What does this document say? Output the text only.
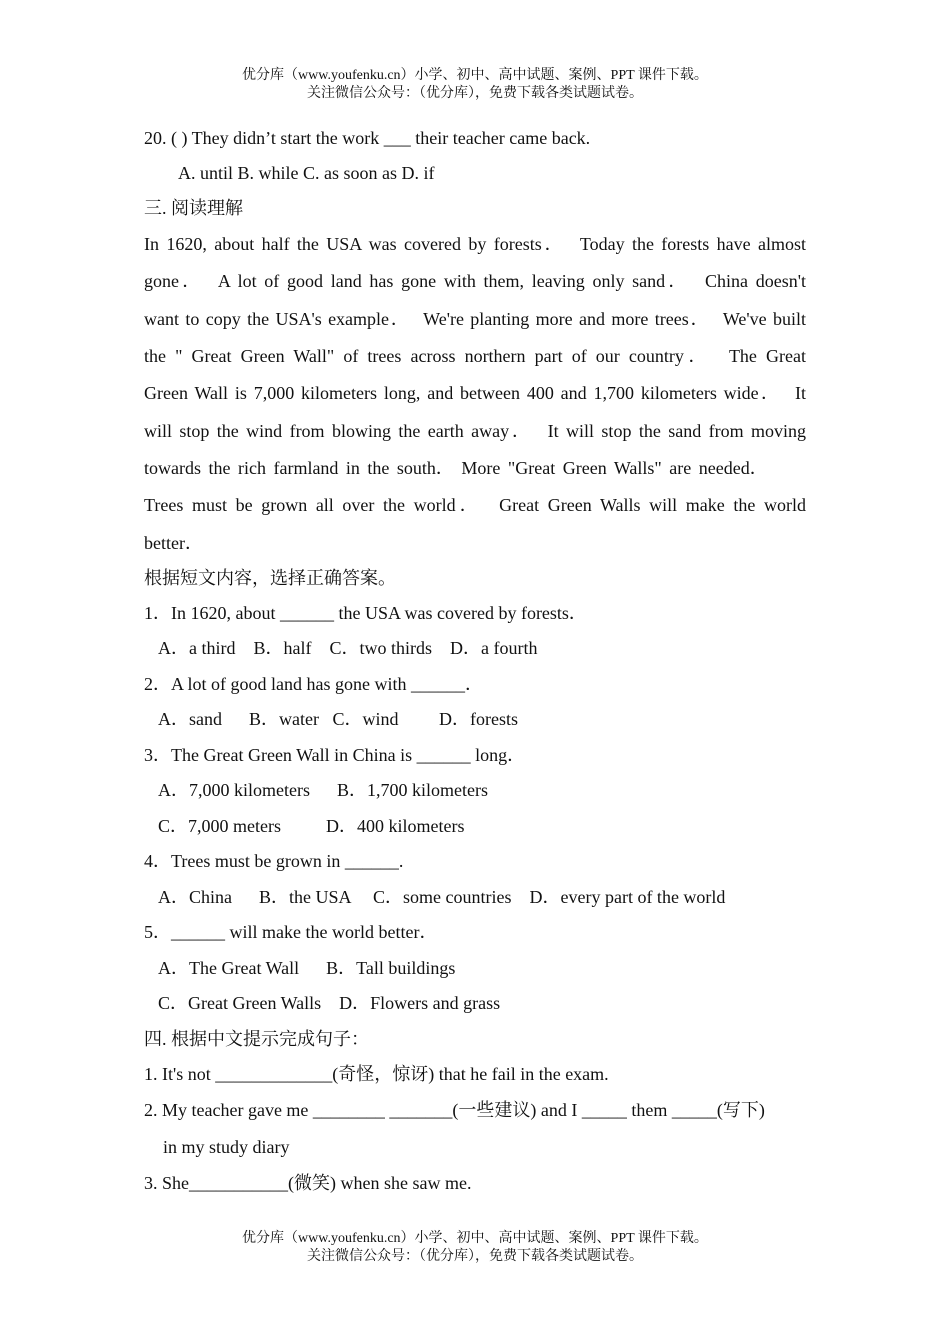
优分库（www.youfenku.cn）小学、初中、高中试题、案例、PPT 课件下载。
关注微信公众号：（优分库），免费下载各类试题试卷。
20. ( ) They didn’t start the work ___ their teacher came back.
A. until B. while C. as soon as D. if
三. 阅读理解
In 1620, about half the USA was covered by forests．  Today the forests have almost
gone．  A lot of good land has gone with them, leaving only sand．  China doesn't
want to copy the USA's example．  We're planting more and more trees．  We've built
the " Great Green Wall" of trees across northern part of our country．  The Great
Green Wall is 7,000 kilometers long, and between 400 and 1,700 kilometers wide．  It
will stop the wind from blowing the earth away．  It will stop the sand from moving
towards the rich farmland in the south． More "Great Green Walls" are needed．
Trees must be grown all over the world．  Great Green Walls will make the world
better．
根据短文内容，选择正确答案。
1．In 1620, about ______ the USA was covered by forests．
A．a third    B．half    C．two thirds    D．a fourth
2．A lot of good land has gone with ______．
A．sand      B．water   C．wind         D．forests
3．The Great Green Wall in China is ______ long．
A．7,000 kilometers      B．1,700 kilometers
C．7,000 meters          D．400 kilometers
4．Trees must be grown in ______.
A．China      B．the USA     C．some countries    D．every part of the world
5．______ will make the world better．
A．The Great Wall      B．Tall buildings
C．Great Green Walls    D．Flowers and grass
四. 根据中文提示完成句子：
1. It's not _____________(奇怪，惊讶) that he fail in the exam.
2. My teacher gave me ________ _______(一些建议) and I _____ them _____(写下)
in my study diary
3. She___________(微笑) when she saw me.
优分库（www.youfenku.cn）小学、初中、高中试题、案例、PPT 课件下载。
关注微信公众号：（优分库），免费下载各类试题试卷。
